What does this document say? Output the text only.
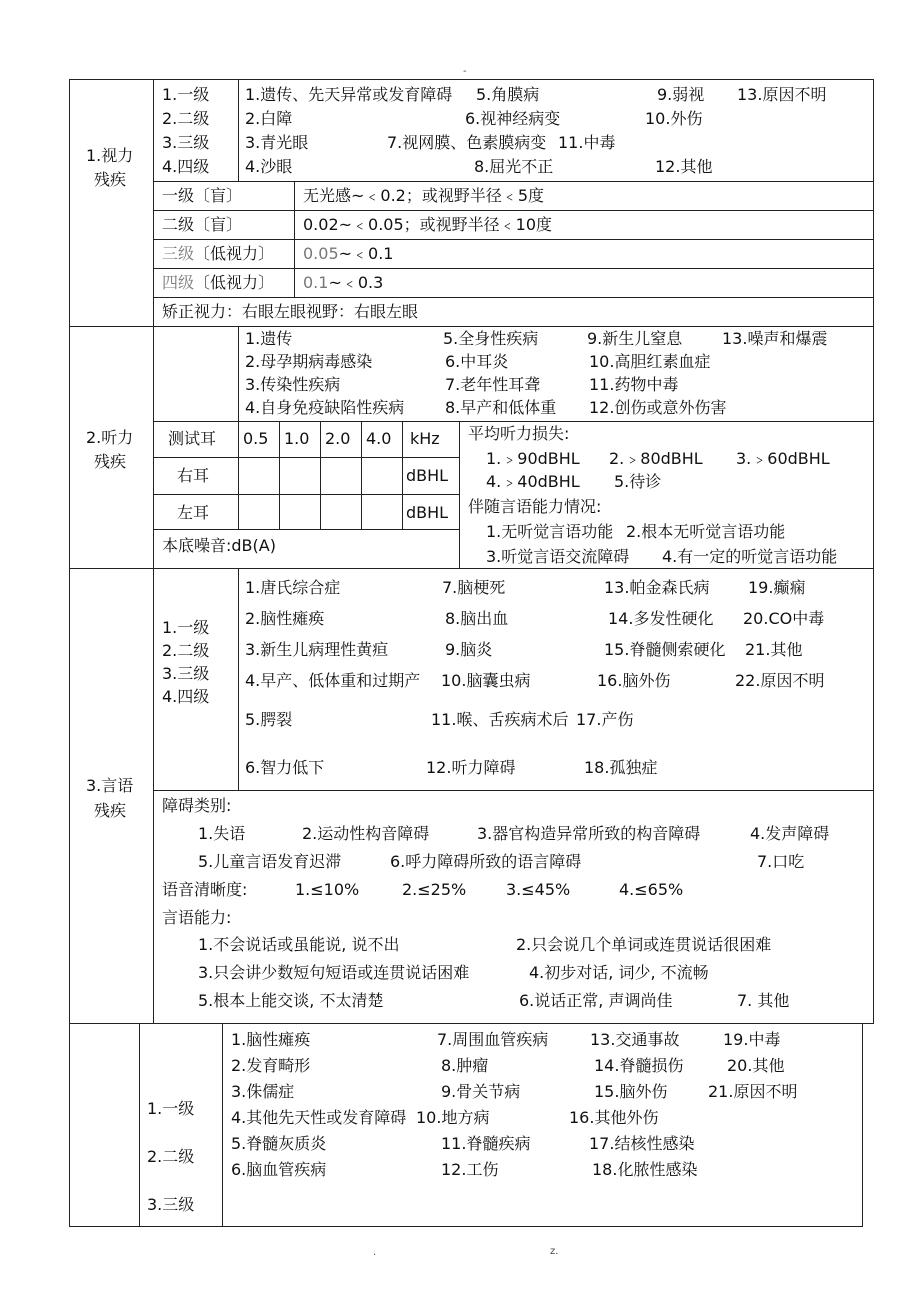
-
1.视力
残疾
1.一级
2.二级
3.三级
4.四级
1.遗传、先天异常或发育障碍 5.角膜病	9.弱视 13.原因不明
2.白障	6.视神经病变	10.外伤
3.青光眼	7.视网膜、色素膜病变 11.中毒
4.沙眼	8.屈光不正	12.其他
一级〔盲〕	无光感~﹤0.2；或视野半径﹤5度
二级〔盲〕	0.02~﹤0.05；或视野半径﹤10度
三级〔低视力〕 0.05~﹤0.1
四级〔低视力〕 0.1~﹤0.3
矫正视力：右眼左眼视野：右眼左眼
2.听力
残疾
1.遗传	5.全身性疾病	9.新生儿窒息 13.噪声和爆震
2.母孕期病毒感染	6.中耳炎	10.高胆红素血症
3.传染性疾病	7.老年性耳聋	11.药物中毒
4.自身免疫缺陷性疾病	8.早产和低体重 12.创伤或意外伤害
测试耳 0.5 1.0 2.0 4.0 kHz
右耳	dBHL
左耳	dBHL
本底噪音:dB(A)
平均听力损失:
1.﹥90dBHL 2.﹥80dBHL 3.﹥60dBHL
4.﹥40dBHL 5.待诊
伴随言语能力情况:
1.无听觉言语功能 2.根本无听觉言语功能
3.听觉言语交流障碍 4.有一定的听觉言语功能
3.言语
残疾
1.一级
2.二级
3.三级
4.四级
1.唐氏综合症	7.脑梗死	13.帕金森氏病 19.癫痫
2.脑性瘫痪	8.脑出血	14.多发性硬化 20.CO中毒
3.新生儿病理性黄疸	9.脑炎	15.脊髓侧索硬化 21.其他
4.早产、低体重和过期产 10.脑囊虫病	16.脑外伤	22.原因不明
5.腭裂	11.喉、舌疾病术后 17.产伤
6.智力低下	12.听力障碍	18.孤独症
障碍类别:
1.失语	2.运动性构音障碍	3.器官构造异常所致的构音障碍	4.发声障碍
5.儿童言语发育迟滞	6.呼力障碍所致的语言障碍	7.口吃
语音清晰度:	1.≤10%	2.≤25% 3.≤45%	4.≤65%
言语能力:
1.不会说话或虽能说, 说不出	2.只会说几个单词或连贯说话很困难
3.只会讲少数短句短语或连贯说话困难	4.初步对话, 词少, 不流畅
5.根本上能交谈, 不太清楚	6.说话正常, 声调尚佳	7. 其他
1.一级
2.二级
3.三级
1.脑性瘫痪	7.周围血管疾病	13.交通事故	19.中毒
2.发育畸形	8.肿瘤	14.脊髓损伤	20.其他
3.侏儒症	9.骨关节病	15.脑外伤	21.原因不明
4.其他先天性或发育障碍 10.地方病	16.其他外伤
5.脊髓灰质炎	11.脊髓疾病	17.结核性感染
6.脑血管疾病	12.工伤	18.化脓性感染
.	z.
